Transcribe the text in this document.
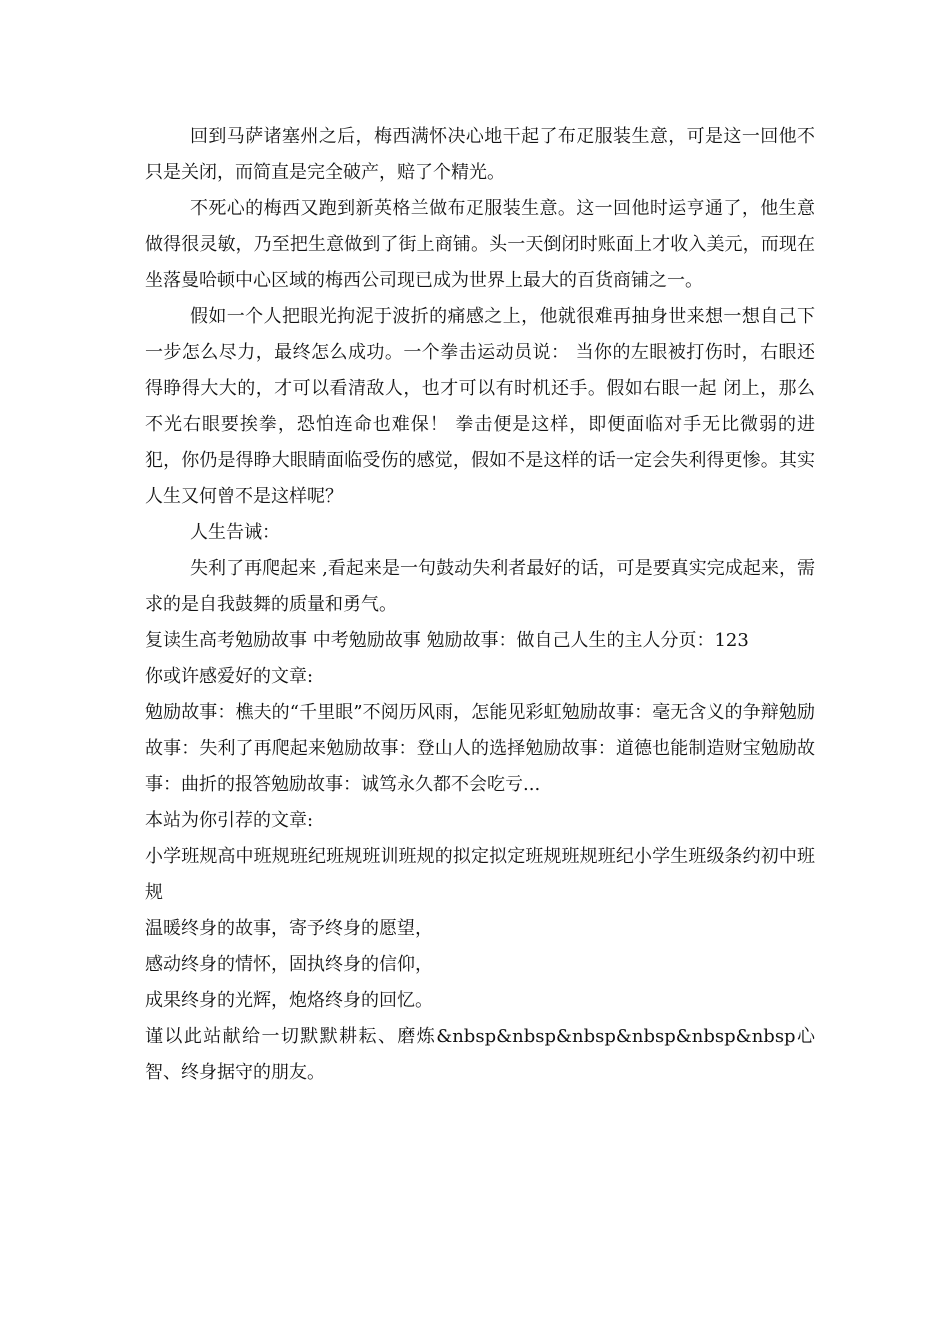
回到马萨诸塞州之后，梅西满怀决心地干起了布疋服装生意，可是这一回他不只是关闭，而简直是完全破产，赔了个精光。

不死心的梅西又跑到新英格兰做布疋服装生意。这一回他时运亨通了，他生意做得很灵敏，乃至把生意做到了街上商铺。头一天倒闭时账面上才收入美元，而现在坐落曼哈顿中心区域的梅西公司现已成为世界上最大的百货商铺之一。

假如一个人把眼光拘泥于波折的痛感之上，他就很难再抽身世来想一想自己下一步怎么尽力，最终怎么成功。一个拳击运动员说： 当你的左眼被打伤时，右眼还得睁得大大的，才可以看清敌人，也才可以有时机还手。假如右眼一起 闭上，那么不光右眼要挨拳，恐怕连命也难保！ 拳击便是这样，即便面临对手无比微弱的进犯，你仍是得睁大眼睛面临受伤的感觉，假如不是这样的话一定会失利得更惨。其实人生又何曾不是这样呢？

人生告诫：

失利了再爬起来 ,看起来是一句鼓动失利者最好的话，可是要真实完成起来，需求的是自我鼓舞的质量和勇气。

复读生高考勉励故事 中考勉励故事 勉励故事：做自己人生的主人分页：123

你或许感爱好的文章:

勉励故事：樵夫的“千里眼”不阅历风雨，怎能见彩虹勉励故事：毫无含义的争辩勉励故事：失利了再爬起来勉励故事：登山人的选择勉励故事：道德也能制造财宝勉励故事：曲折的报答勉励故事：诚笃永久都不会吃亏...

本站为你引荐的文章:

小学班规高中班规班纪班规班训班规的拟定拟定班规班规班纪小学生班级条约初中班规

温暖终身的故事，寄予终身的愿望，

感动终身的情怀，固执终身的信仰，

成果终身的光辉，炮烙终身的回忆。

谨以此站献给一切默默耕耘、磨炼&nbsp&nbsp&nbsp&nbsp&nbsp&nbsp心智、终身据守的朋友。
